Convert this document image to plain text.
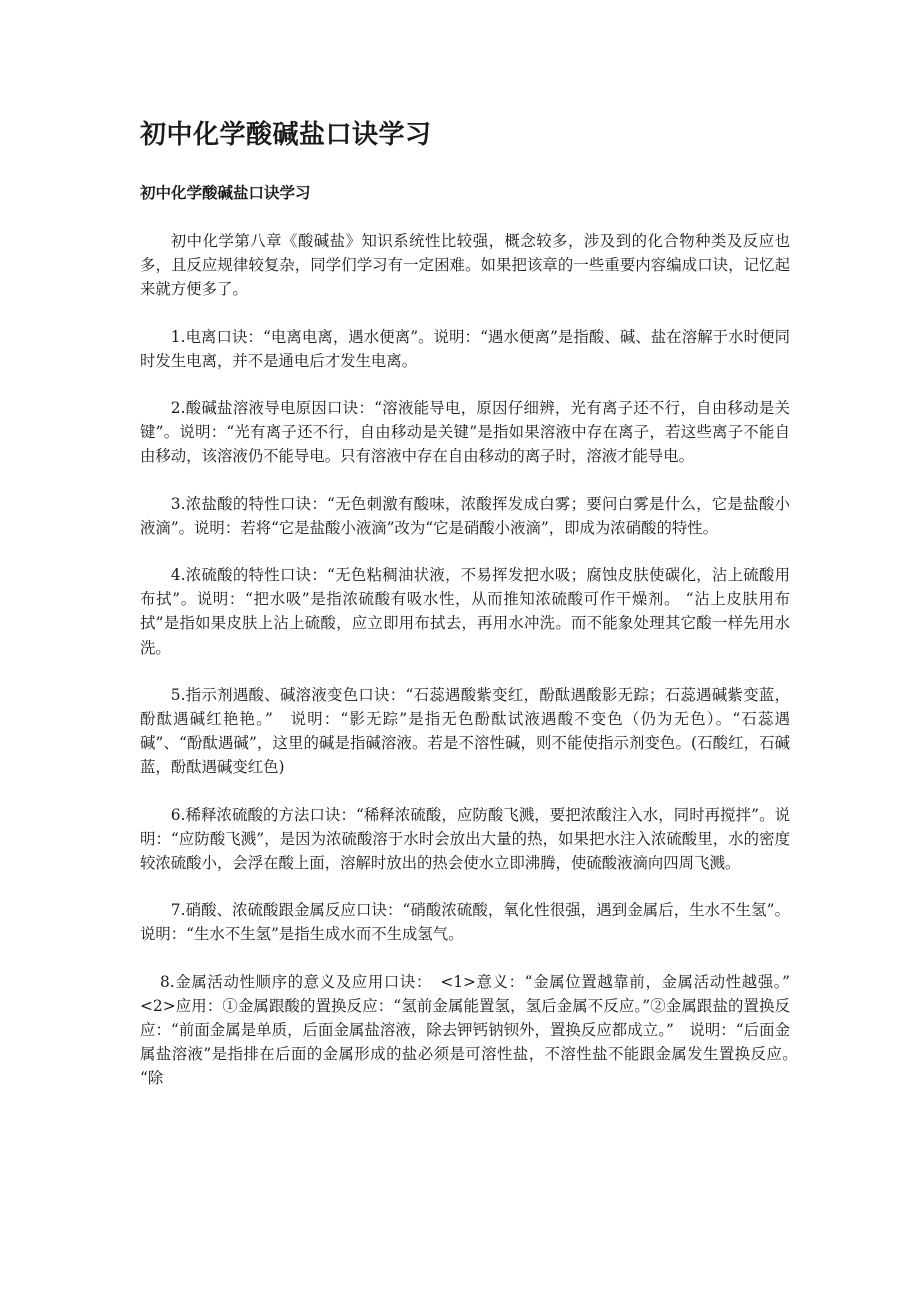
初中化学酸碱盐口诀学习
初中化学酸碱盐口诀学习

初中化学第八章《酸碱盐》知识系统性比较强，概念较多，涉及到的化合物种类及反应也多，且反应规律较复杂，同学们学习有一定困难。如果把该章的一些重要内容编成口诀，记忆起来就方便多了。

1.电离口诀：“电离电离，遇水便离”。说明：“遇水便离”是指酸、碱、盐在溶解于水时便同时发生电离，并不是通电后才发生电离。

2.酸碱盐溶液导电原因口诀：“溶液能导电，原因仔细辨，光有离子还不行，自由移动是关键”。说明：“光有离子还不行，自由移动是关键”是指如果溶液中存在离子，若这些离子不能自由移动，该溶液仍不能导电。只有溶液中存在自由移动的离子时，溶液才能导电。

3.浓盐酸的特性口诀：“无色刺激有酸味，浓酸挥发成白雾；要问白雾是什么，它是盐酸小液滴”。说明：若将“它是盐酸小液滴”改为“它是硝酸小液滴”，即成为浓硝酸的特性。

4.浓硫酸的特性口诀：“无色粘稠油状液，不易挥发把水吸；腐蚀皮肤使碳化，沾上硫酸用布拭”。说明：“把水吸”是指浓硫酸有吸水性，从而推知浓硫酸可作干燥剂。 “沾上皮肤用布拭”是指如果皮肤上沾上硫酸，应立即用布拭去，再用水冲洗。而不能象处理其它酸一样先用水洗。

5.指示剂遇酸、碱溶液变色口诀：“石蕊遇酸紫变红，酚酞遇酸影无踪；石蕊遇碱紫变蓝，酚酞遇碱红艳艳。”　说明：“影无踪”是指无色酚酞试液遇酸不变色（仍为无色）。“石蕊遇碱”、“酚酞遇碱”，这里的碱是指碱溶液。若是不溶性碱，则不能使指示剂变色。(石酸红，石碱蓝，酚酞遇碱变红色)

6.稀释浓硫酸的方法口诀：“稀释浓硫酸，应防酸飞溅，要把浓酸注入水，同时再搅拌”。说明：“应防酸飞溅”，是因为浓硫酸溶于水时会放出大量的热，如果把水注入浓硫酸里，水的密度较浓硫酸小，会浮在酸上面，溶解时放出的热会使水立即沸腾，使硫酸液滴向四周飞溅。

7.硝酸、浓硫酸跟金属反应口诀：“硝酸浓硫酸，氧化性很强，遇到金属后，生水不生氢”。说明：“生水不生氢”是指生成水而不生成氢气。

8.金属活动性顺序的意义及应用口诀：　<1>意义：“金属位置越靠前，金属活动性越强。”　<2>应用：①金属跟酸的置换反应：“氢前金属能置氢，氢后金属不反应。”②金属跟盐的置换反应：“前面金属是单质，后面金属盐溶液，除去钾钙钠钡外，置换反应都成立。”　说明：“后面金属盐溶液”是指排在后面的金属形成的盐必须是可溶性盐，不溶性盐不能跟金属发生置换反应。　“除
